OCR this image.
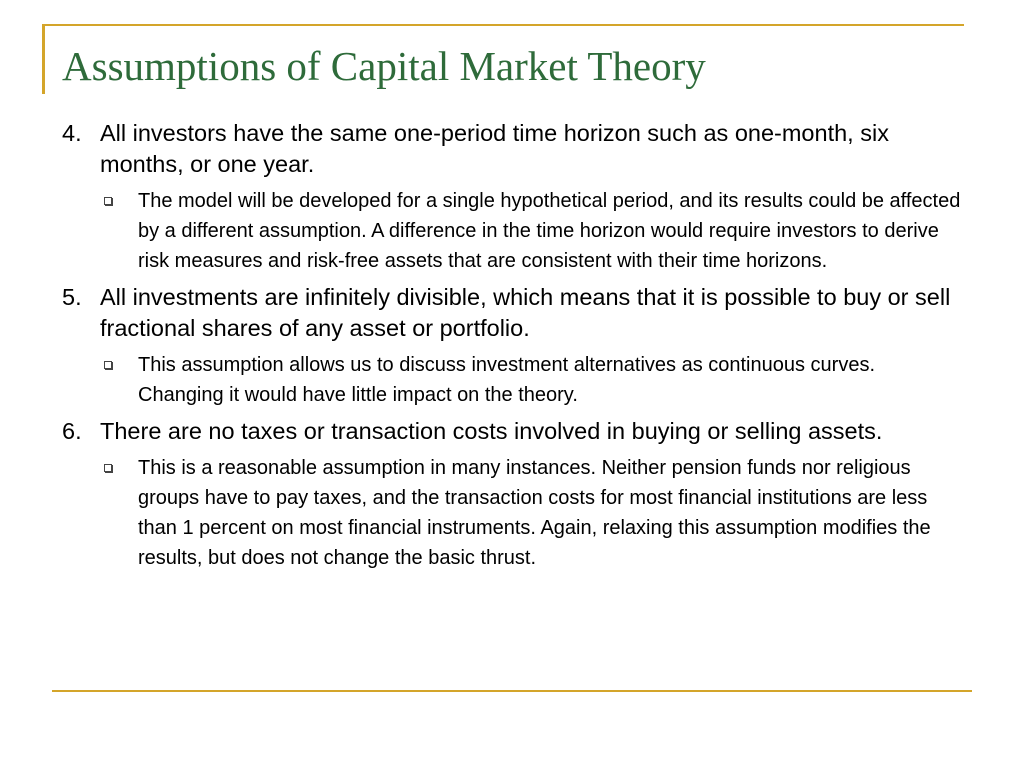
Assumptions of Capital Market Theory
4. All investors have the same one-period time horizon such as one-month, six months, or one year.
The model will be developed for a single hypothetical period, and its results could be affected by a different assumption. A difference in the time horizon would require investors to derive risk measures and risk-free assets that are consistent with their time horizons.
5. All investments are infinitely divisible, which means that it is possible to buy or sell fractional shares of any asset or portfolio.
This assumption allows us to discuss investment alternatives as continuous curves. Changing it would have little impact on the theory.
6. There are no taxes or transaction costs involved in buying or selling assets.
This is a reasonable assumption in many instances. Neither pension funds nor religious groups have to pay taxes, and the transaction costs for most financial institutions are less than 1 percent on most financial instruments. Again, relaxing this assumption modifies the results, but does not change the basic thrust.
